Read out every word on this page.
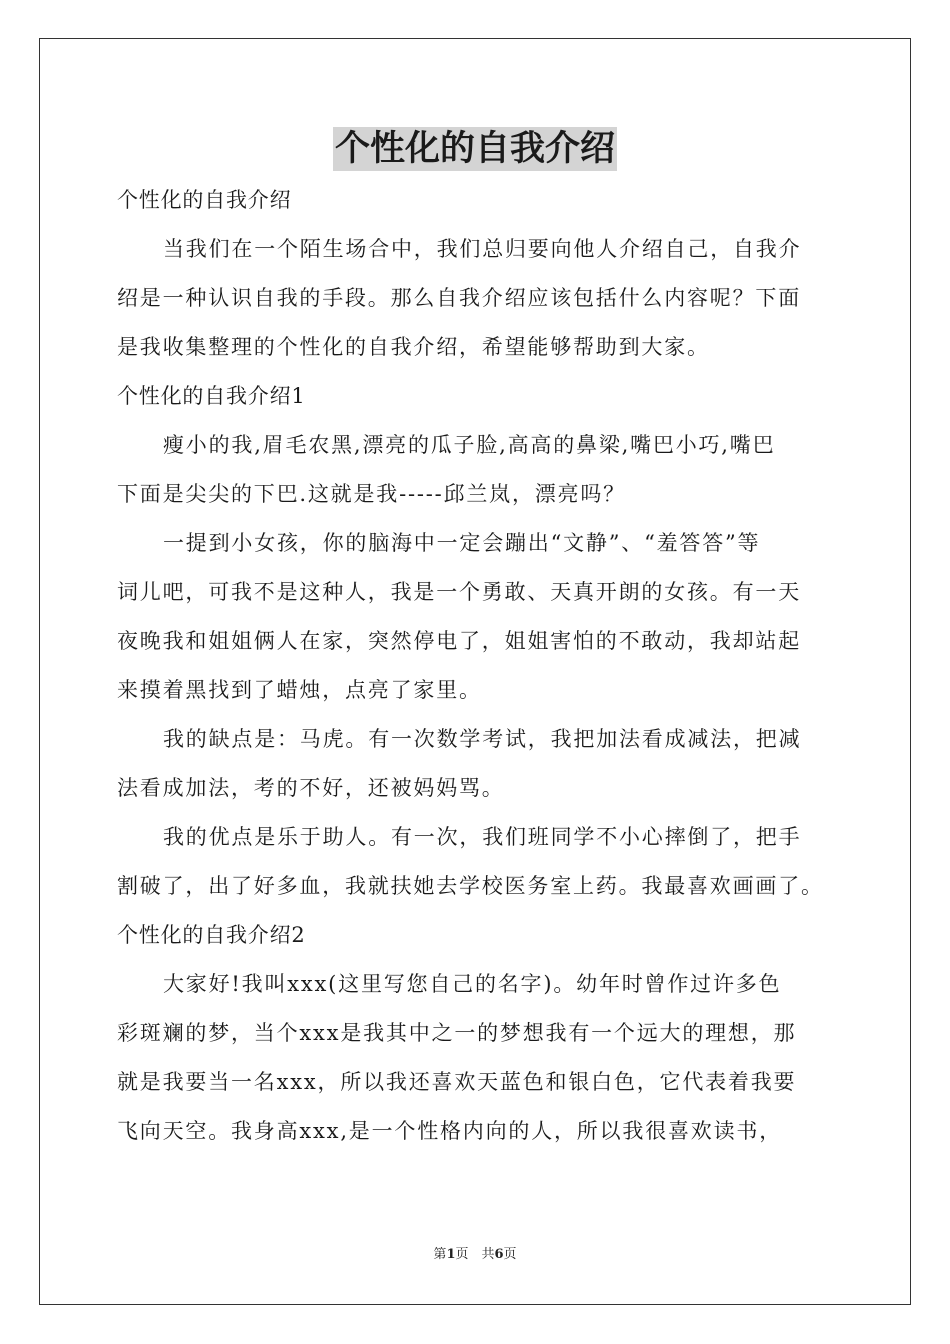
个性化的自我介绍
个性化的自我介绍
当我们在一个陌生场合中，我们总归要向他人介绍自己，自我介
绍是一种认识自我的手段。那么自我介绍应该包括什么内容呢？下面
是我收集整理的个性化的自我介绍，希望能够帮助到大家。
个性化的自我介绍1
瘦小的我,眉毛农黑,漂亮的瓜子脸,高高的鼻梁,嘴巴小巧,嘴巴
下面是尖尖的下巴.这就是我-----邱兰岚，漂亮吗？
一提到小女孩，你的脑海中一定会蹦出“文静”、“羞答答”等
词儿吧，可我不是这种人，我是一个勇敢、天真开朗的女孩。有一天
夜晚我和姐姐俩人在家，突然停电了，姐姐害怕的不敢动，我却站起
来摸着黑找到了蜡烛，点亮了家里。
我的缺点是：马虎。有一次数学考试，我把加法看成减法，把减
法看成加法，考的不好，还被妈妈骂。
我的优点是乐于助人。有一次，我们班同学不小心摔倒了，把手
割破了，出了好多血，我就扶她去学校医务室上药。我最喜欢画画了。
个性化的自我介绍2
大家好!我叫xxx(这里写您自己的名字)。幼年时曾作过许多色
彩斑斓的梦，当个xxx是我其中之一的梦想我有一个远大的理想，那
就是我要当一名xxx，所以我还喜欢天蓝色和银白色，它代表着我要
飞向天空。我身高xxx,是一个性格内向的人，所以我很喜欢读书，
第1页　共6页
